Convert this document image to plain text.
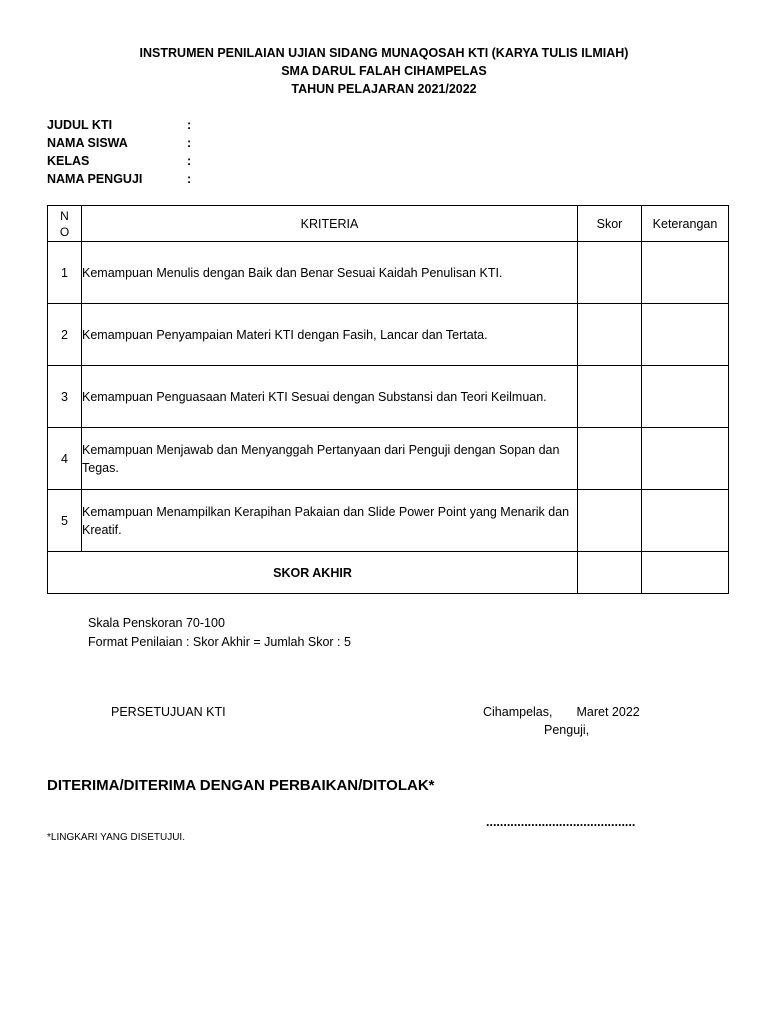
INSTRUMEN PENILAIAN UJIAN SIDANG MUNAQOSAH KTI (KARYA TULIS ILMIAH)
SMA DARUL FALAH CIHAMPELAS
TAHUN PELAJARAN 2021/2022
JUDUL KTI	:
NAMA SISWA	:
KELAS	:
NAMA PENGUJI	:
N
O	KRITERIA	Skor	Keterangan
1	Kemampuan Menulis dengan Baik dan Benar Sesuai Kaidah Penulisan KTI.		
2	Kemampuan Penyampaian Materi KTI dengan Fasih, Lancar dan Tertata.		
3	Kemampuan Penguasaan Materi KTI Sesuai dengan Substansi dan Teori Keilmuan.		
4	Kemampuan Menjawab dan Menyanggah Pertanyaan dari Penguji dengan Sopan dan Tegas.		
5	Kemampuan Menampilkan Kerapihan Pakaian dan Slide Power Point yang Menarik dan Kreatif.		
SKOR AKHIR			
Skala Penskoran 70-100
Format Penilaian : Skor Akhir = Jumlah Skor : 5
PERSETUJUAN KTI	Cihampelas, Maret 2022
Penguji,
DITERIMA/DITERIMA DENGAN PERBAIKAN/DITOLAK*
...........................................
*LINGKARI YANG DISETUJUI.
